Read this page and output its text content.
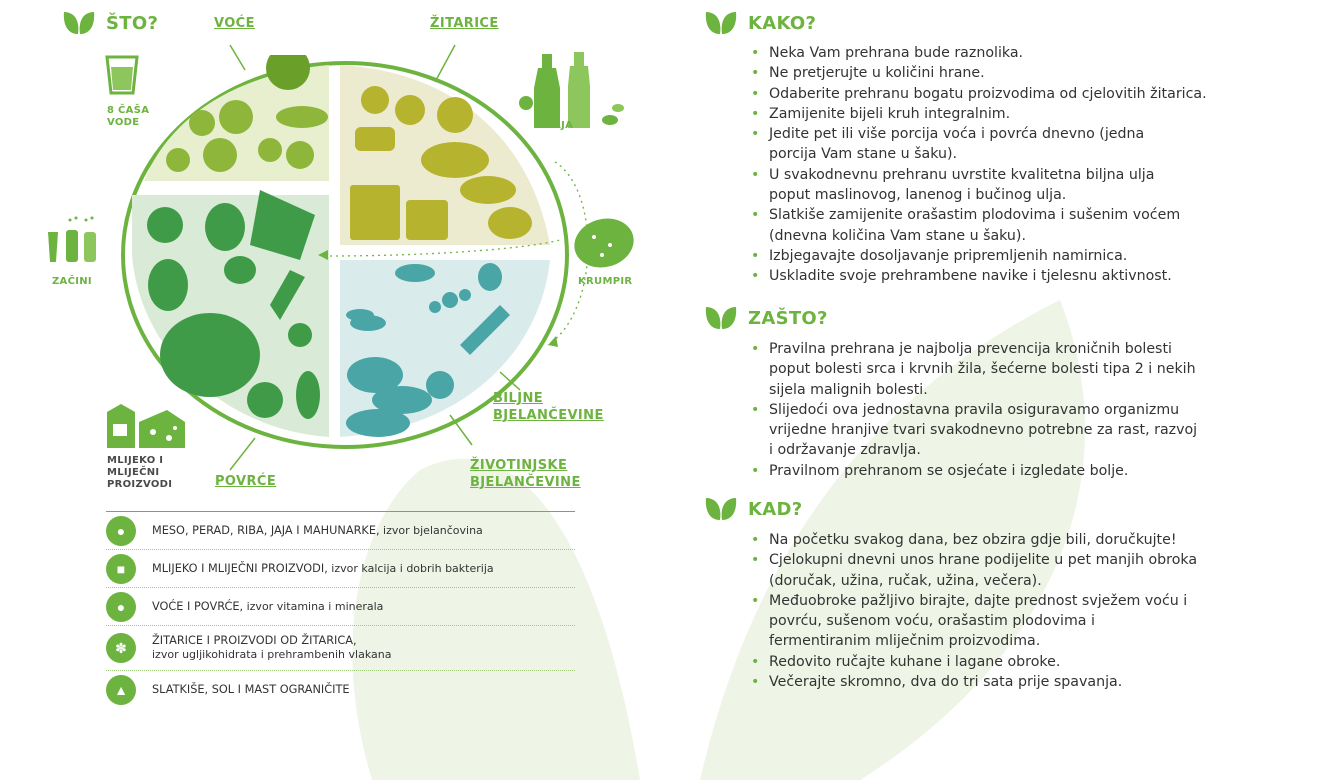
ŠTO?	VOĆE	ŽITARICE
8 ČAŠA
VODE	ULJA
ZAČINI	KRUMPIR
BILJNE
BJELANČEVINE
ŽIVOTINJSKE
BJELANČEVINE
MLIJEKO I
MLIJEČNI
PROIZVODI	POVRĆE
●	MESO, PERAD, RIBA, JAJA I MAHUNARKE, izvor bjelančovina
■	MLIJEKO I MLIJEČNI PROIZVODI, izvor kalcija i dobrih bakterija
●	VOĆE I POVRĆE, izvor vitamina i minerala
✽	ŽITARICE I PROIZVODI OD ŽITARICA,
izvor ugljikohidrata i prehrambenih vlakana
▲	SLATKIŠE, SOL I MAST OGRANIČITE
KAKO?
• Neka Vam prehrana bude raznolika.
• Ne pretjerujte u količini hrane.
• Odaberite prehranu bogatu proizvodima od cjelovitih žitarica.
• Zamijenite bijeli kruh integralnim.
• Jedite pet ili više porcija voća i povrća dnevno (jedna porcija Vam stane u šaku).
• U svakodnevnu prehranu uvrstite kvalitetna biljna ulja poput maslinovog, lanenog i bučinog ulja.
• Slatkiše zamijenite orašastim plodovima i sušenim voćem (dnevna količina Vam stane u šaku).
• Izbjegavajte dosoljavanje pripremljenih namirnica.
• Uskladite svoje prehrambene navike i tjelesnu aktivnost.
ZAŠTO?
• Pravilna prehrana je najbolja prevencija kroničnih bolesti poput bolesti srca i krvnih žila, šećerne bolesti tipa 2 i nekih sijela malignih bolesti.
• Slijedoći ova jednostavna pravila osiguravamo organizmu vrijedne hranjive tvari svakodnevno potrebne za rast, razvoj i održavanje zdravlja.
• Pravilnom prehranom se osjećate i izgledate bolje.
KAD?
• Na početku svakog dana, bez obzira gdje bili, doručkujte!
• Cjelokupni dnevni unos hrane podijelite u pet manjih obroka (doručak, užina, ručak, užina, večera).
• Međuobroke pažljivo birajte, dajte prednost svježem voću i povrću, sušenom voću, orašastim plodovima i fermentiranim mliječnim proizvodima.
• Redovito ručajte kuhane i lagane obroke.
• Večerajte skromno, dva do tri sata prije spavanja.
